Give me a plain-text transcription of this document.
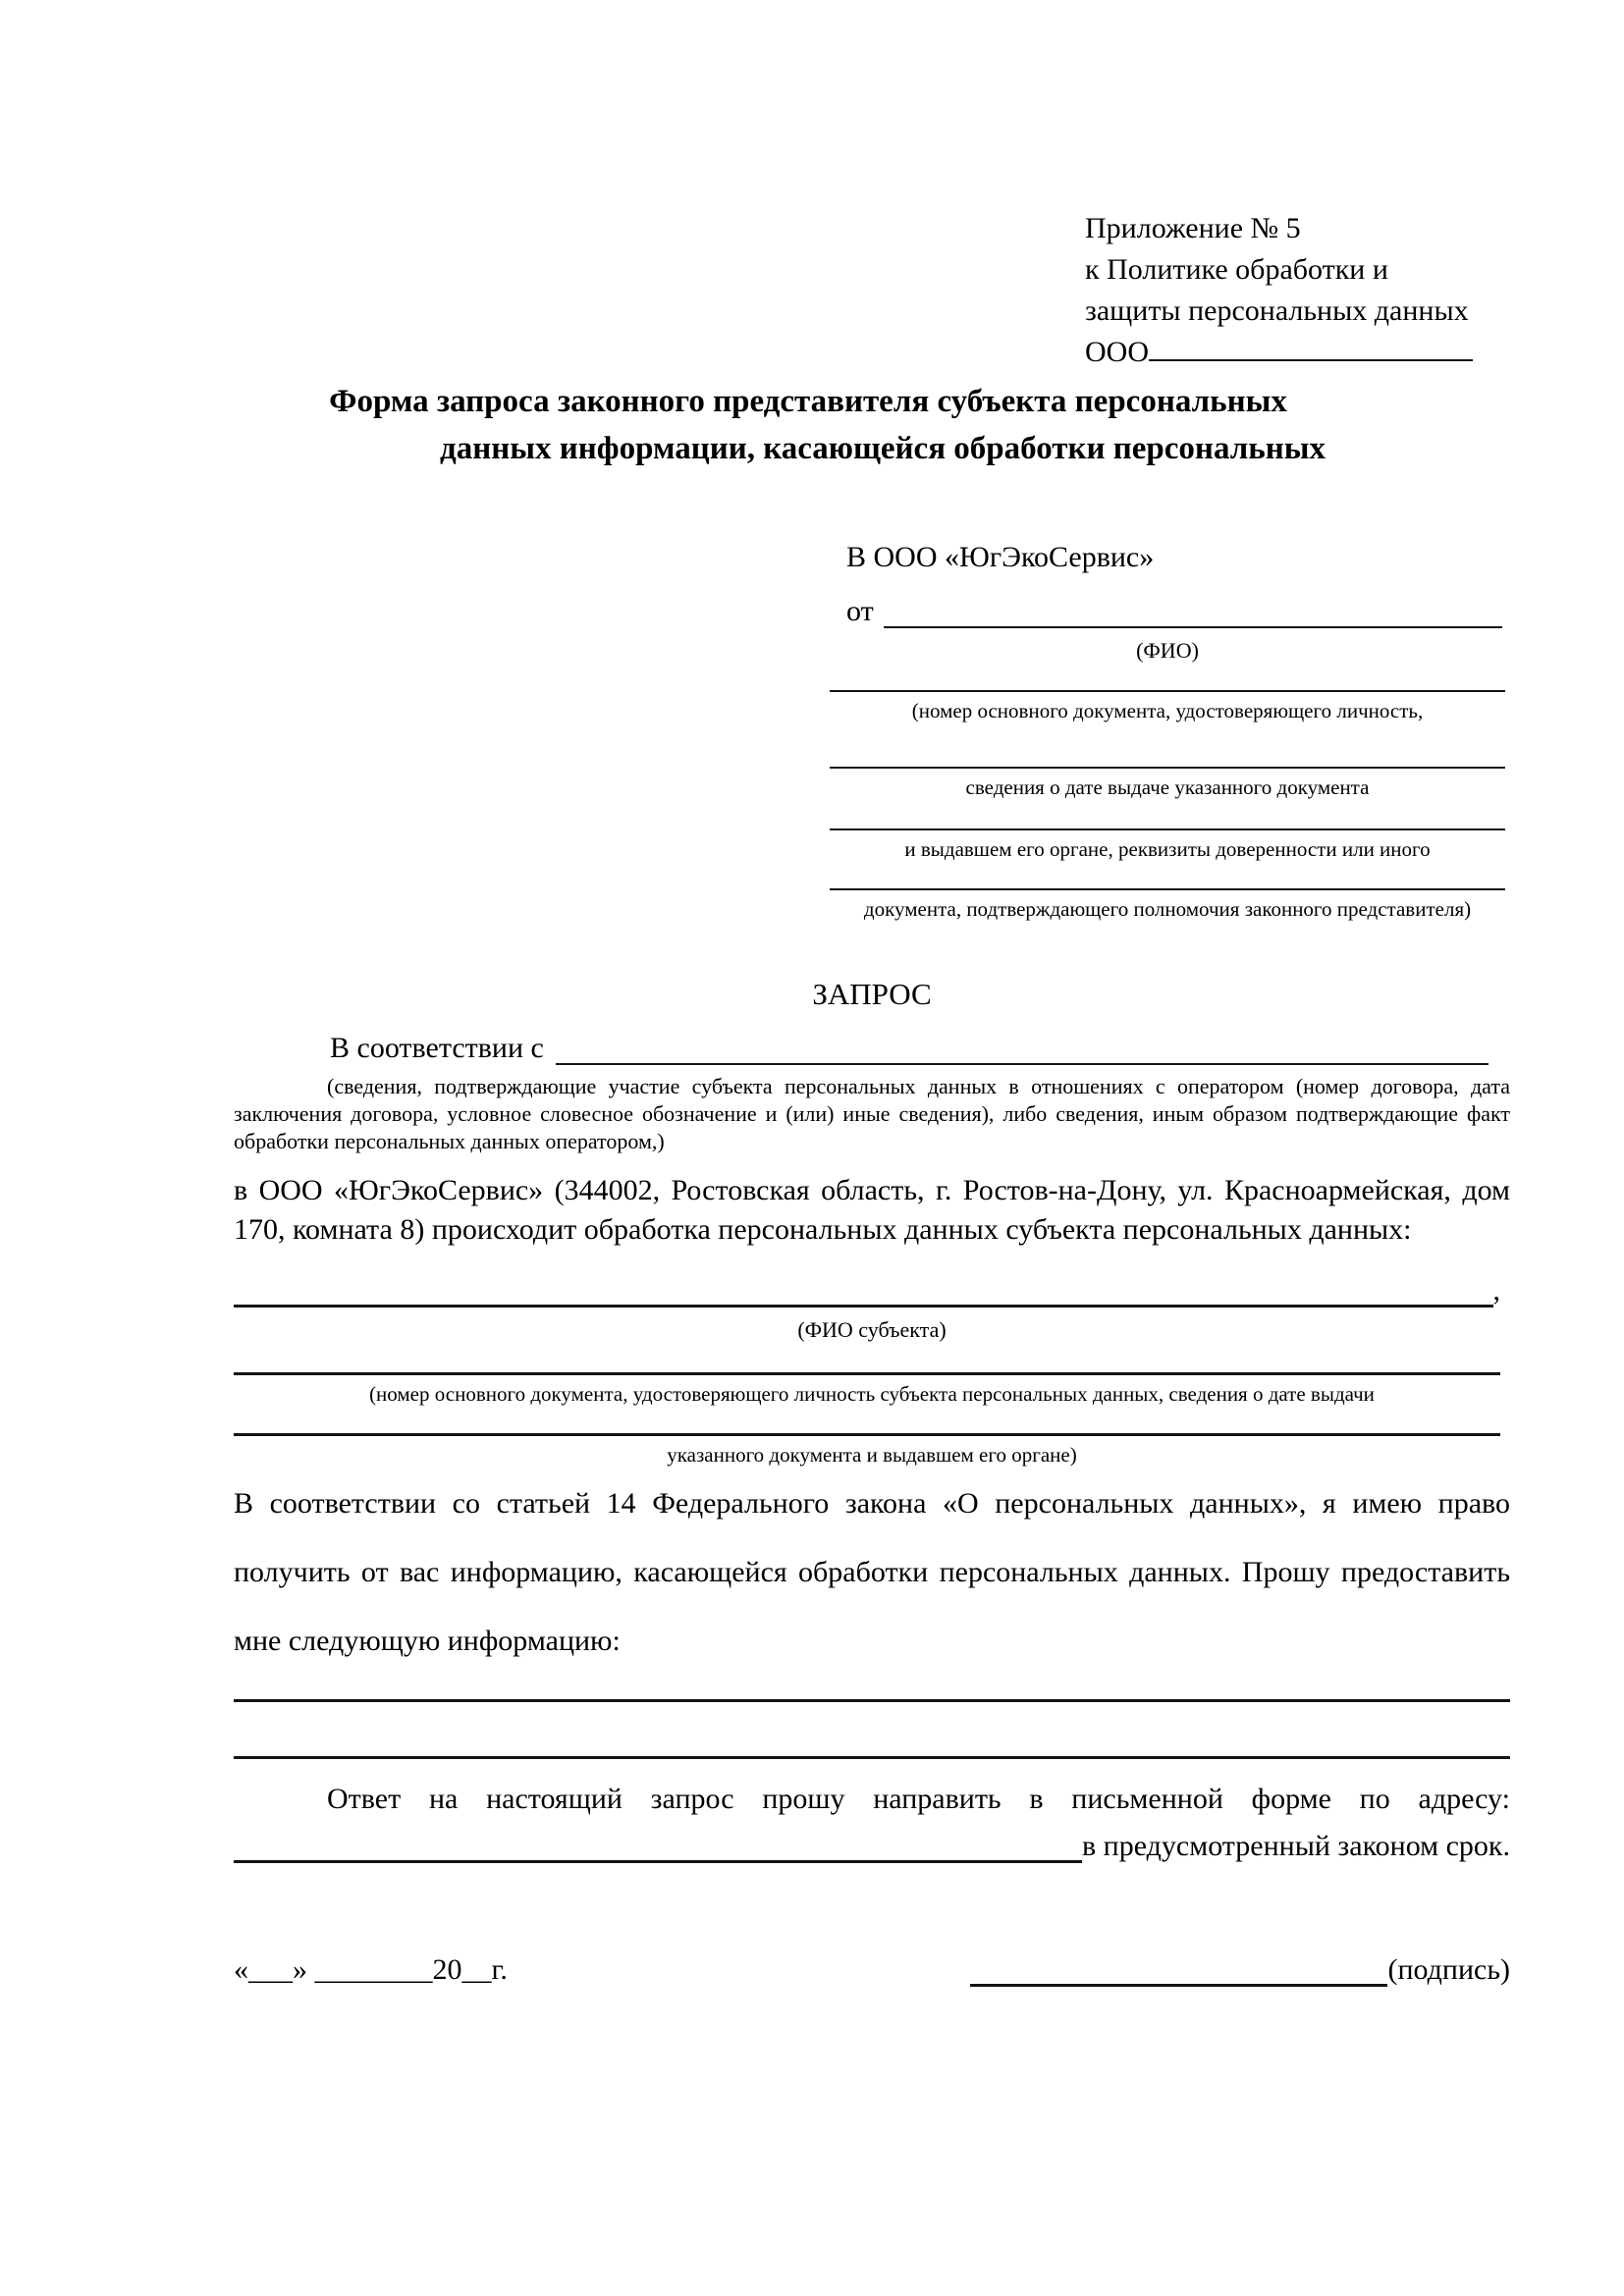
Приложение № 5
к Политике обработки и
защиты персональных данных
ООО
Форма запроса законного представителя субъекта персональных
данных информации, касающейся обработки персональных
В ООО «ЮгЭкоСервис»
от
(ФИО)
(номер основного документа, удостоверяющего личность,
сведения о дате выдаче указанного документа
и выдавшем его органе, реквизиты доверенности или иного
документа, подтверждающего полномочия законного представителя)
ЗАПРОС
В соответствии с
(сведения, подтверждающие участие субъекта персональных данных в отношениях с оператором (номер договора, дата заключения договора, условное словесное обозначение и (или) иные сведения), либо сведения, иным образом подтверждающие факт обработки персональных данных оператором,)
в ООО «ЮгЭкоСервис» (344002, Ростовская область, г. Ростов-на-Дону, ул. Красноармейская, дом 170, комната 8) происходит обработка персональных данных субъекта персональных данных:
,
(ФИО субъекта)
(номер основного документа, удостоверяющего личность субъекта персональных данных, сведения о дате выдачи
указанного документа и выдавшем его органе)
В соответствии со статьей 14 Федерального закона «О персональных данных», я имею право получить от вас информацию, касающейся обработки персональных данных. Прошу предоставить мне следующую информацию:
Ответ на настоящий запрос прошу направить в письменной форме по адресу:
в предусмотренный законом срок.
«___» ________20__г.	(подпись)
